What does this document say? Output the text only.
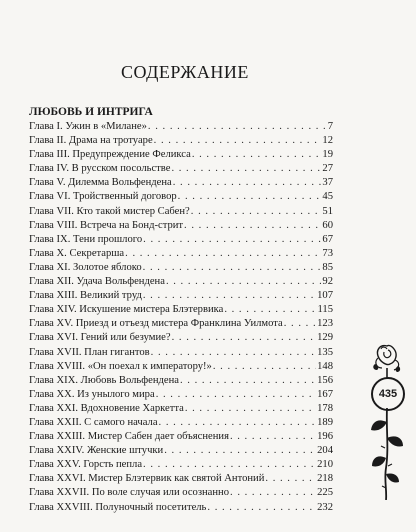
СОДЕРЖАНИЕ
ЛЮБОВЬ И ИНТРИГА
Глава I. Ужин в «Милане» . . .	7
Глава II. Драма на тротуаре . . .	12
Глава III. Предупреждение Феликса . . .	19
Глава IV. В русском посольстве . . .	27
Глава V. Дилемма Вольфендена . . .	37
Глава VI. Тройственный договор . . .	45
Глава VII. Кто такой мистер Сабен? . . .	51
Глава VIII. Встреча на Бонд-стрит . . .	60
Глава IX. Тени прошлого . . .	67
Глава X. Секретарша . . .	73
Глава XI. Золотое яблоко . . .	85
Глава XII. Удача Вольфендена . . .	92
Глава XIII. Великий труд . . .	107
Глава XIV. Искушение мистера Блэтервика . . .	115
Глава XV. Приезд и отъезд мистера Франклина Уилмота . . .	123
Глава XVI. Гений или безумие? . . .	129
Глава XVII. План гигантов . . .	135
Глава XVIII. «Он поехал к императору!» . . .	148
Глава XIX. Любовь Вольфендена . . .	156
Глава XX. Из унылого мира . . .	167
Глава XXI. Вдохновение Харкетта . . .	178
Глава XXII. С самого начала . . .	189
Глава XXIII. Мистер Сабен дает объяснения . . .	196
Глава XXIV. Женские штучки . . .	204
Глава XXV. Горсть пепла . . .	210
Глава XXVI. Мистер Блэтервик как святой Антоний . . .	218
Глава XXVII. По воле случая или осознанно . . .	225
Глава XXVIII. Полуночный посетитель . . .	232
435
